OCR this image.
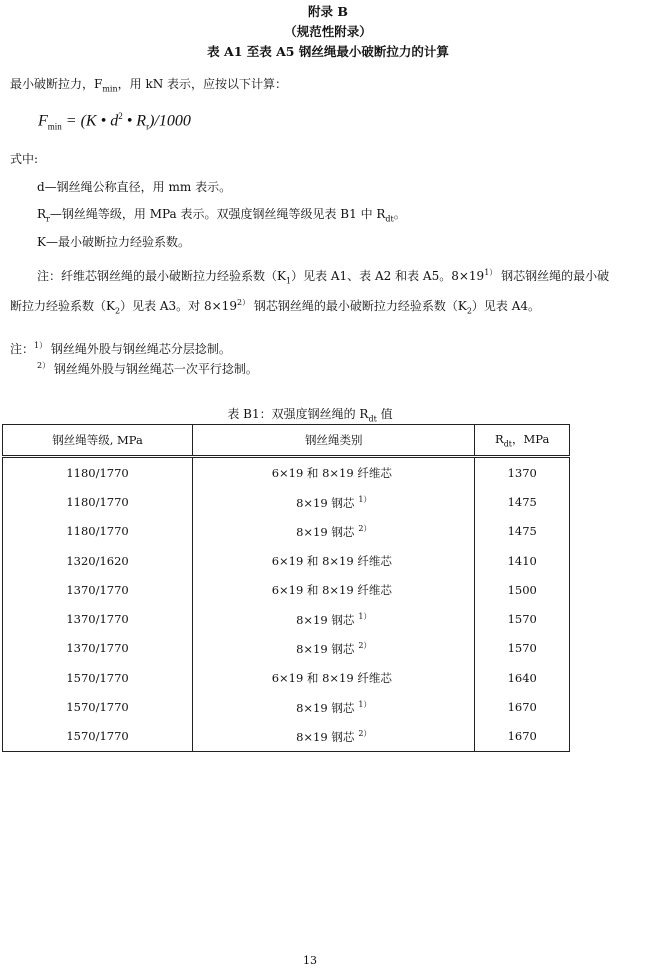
附录 B
（规范性附录）
表 A1 至表 A5 钢丝绳最小破断拉力的计算
最小破断拉力，$F_{min}$，用 kN 表示，应按以下计算：
$F_{min} = (K$ • $d^2$ • $R_r)/1000$
式中:
d—钢丝绳公称直径，用 mm 表示。
$R_r—$钢丝绳等级，用 MPa 表示。双强度钢丝绳等级见表 B1 中 $R_{dt}$。
K—最小破断拉力经验系数。
注：纤维芯钢丝绳的最小破断拉力经验系数$(K_1)$见表 A1、表 A2 和表 A5。$8\times 19^{1)}$ 钢芯钢丝绳的最小破断拉力经验系数$(K_2)$见表 A3。对 $8\times 19^{2)}$ 钢芯钢丝绳的最小破断拉力经验系数$(K_2)$见表 A4。
注：$^{1)}$ 钢丝绳外股与钢丝绳芯分层捻制。
$^{2)}$ 钢丝绳外股与钢丝绳芯一次平行捻制。
表 B1：双强度钢丝绳的 $R_{dt}$ 值
钢丝绳等级, MPa	钢丝绳类别	$R_{dt}$，MPa
1180/1770	6×19 和 8×19 纤维芯	1370
1180/1770	8×19 钢芯 $^{1)}$	1475
1180/1770	8×19 钢芯 $^{2)}$	1475
1320/1620	6×19 和 8×19 纤维芯	1410
1370/1770	6×19 和 8×19 纤维芯	1500
1370/1770	8×19 钢芯 $^{1)}$	1570
1370/1770	8×19 钢芯 $^{2)}$	1570
1570/1770	6×19 和 8×19 纤维芯	1640
1570/1770	8×19 钢芯 $^{1)}$	1670
1570/1770	8×19 钢芯 $^{2)}$	1670
13
